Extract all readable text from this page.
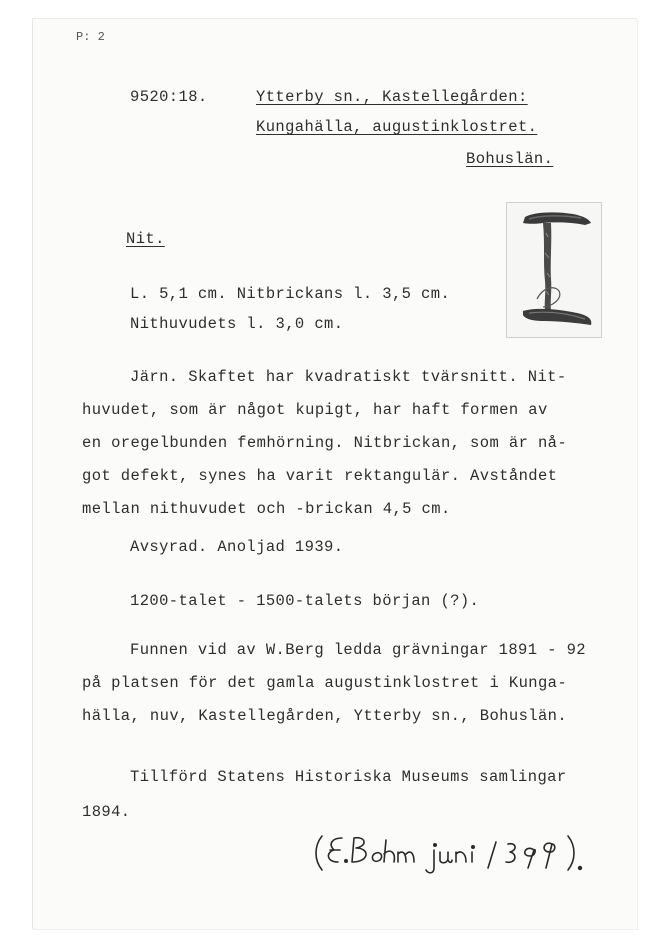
P: 2
9520:18.	Ytterby sn., Kastellegården:
Kungahälla, augustinklostret.
Bohuslän.
Nit.
L. 5,1 cm. Nitbrickans l. 3,5 cm.
Nithuvudets l. 3,0 cm.
Järn. Skaftet har kvadratiskt tvärsnitt. Nit-
huvudet, som är något kupigt, har haft formen av
en oregelbunden femhörning. Nitbrickan, som är nå-
got defekt, synes ha varit rektangulär. Avståndet
mellan nithuvudet och -brickan 4,5 cm.
Avsyrad. Anoljad 1939.
1200-talet - 1500-talets början (?).
Funnen vid av W.Berg ledda grävningar 1891 - 92
på platsen för det gamla augustinklostret i Kunga-
hälla, nuv, Kastellegården, Ytterby sn., Bohuslän.
Tillförd Statens Historiska Museums samlingar
1894.
